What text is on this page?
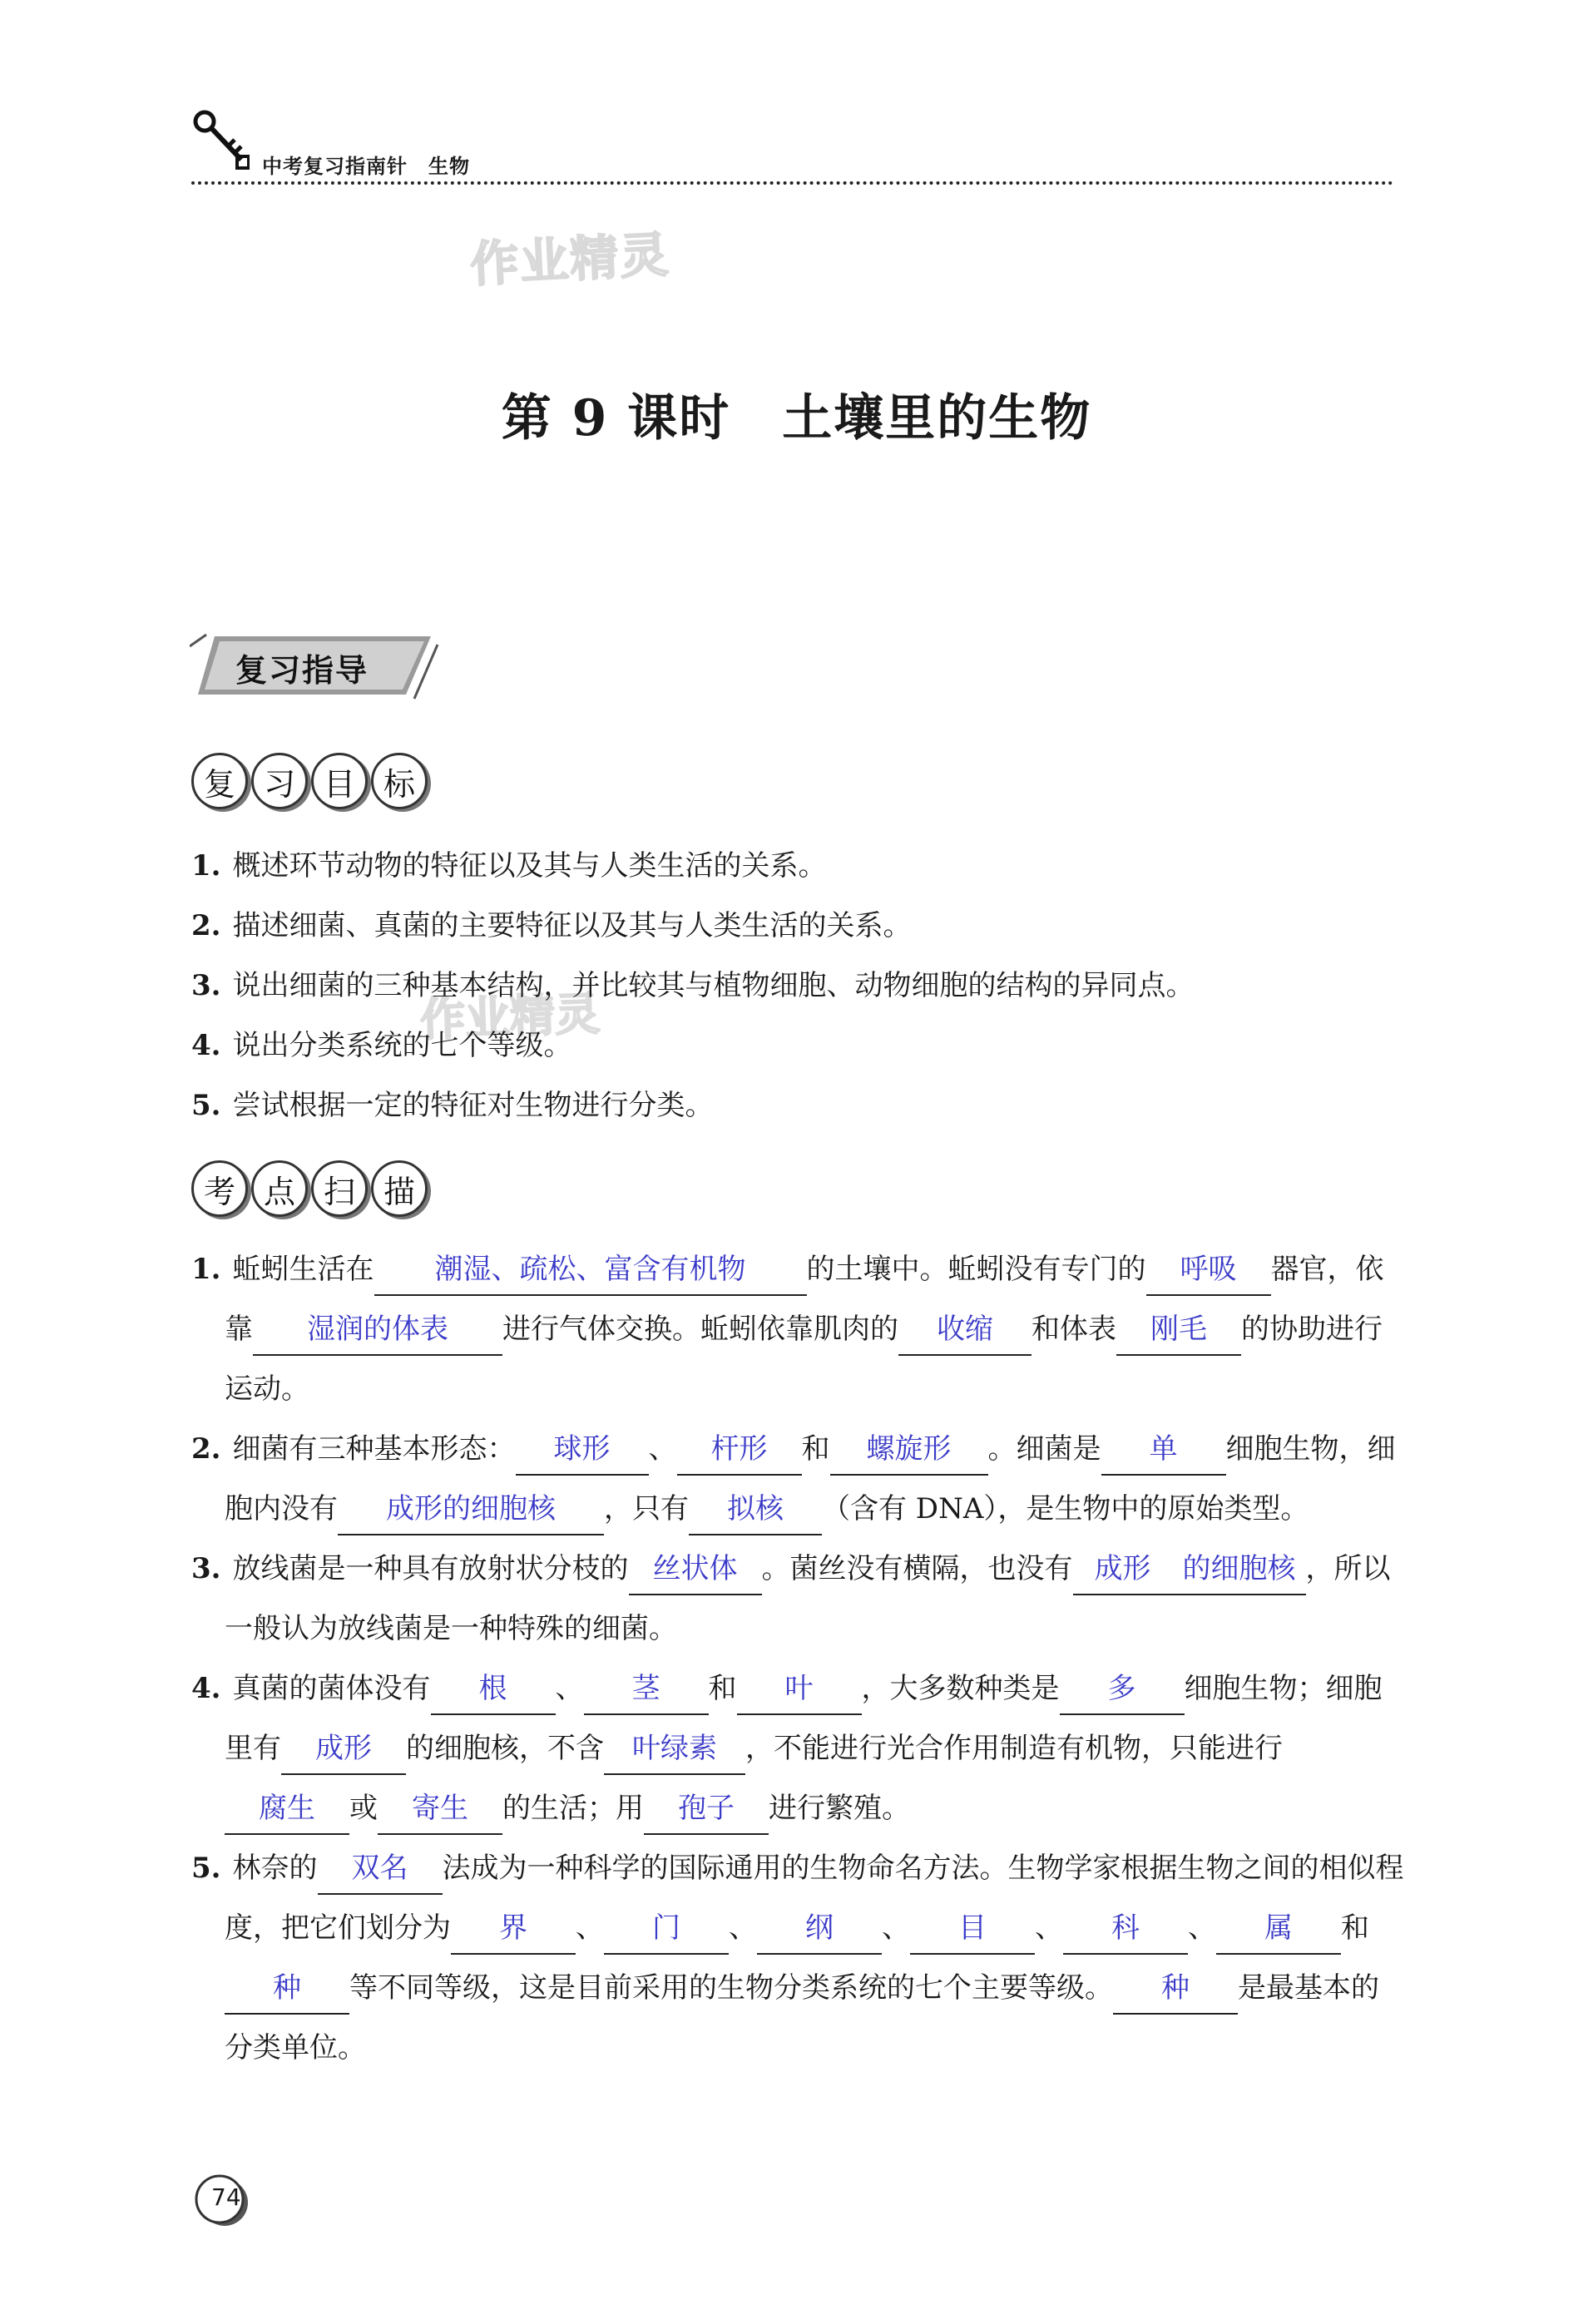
中考复习指南针　生物
作业精灵
作业精灵
第 9 课时　土壤里的生物
复习指导
复 习 目 标
1. 概述环节动物的特征以及其与人类生活的关系。
2. 描述细菌、真菌的主要特征以及其与人类生活的关系。
3. 说出细菌的三种基本结构，并比较其与植物细胞、动物细胞的结构的异同点。
4. 说出分类系统的七个等级。
5. 尝试根据一定的特征对生物进行分类。
考 点 扫 描

1. 蚯蚓生活在 潮湿、疏松、富含有机物 的土壤中。蚯蚓没有专门的 呼吸 器官，依靠 湿润的体表 进行气体交换。蚯蚓依靠肌肉的 收缩 和体表 刚毛 的协助进行运动。

2. 细菌有三种基本形态： 球形 、 杆形 和 螺旋形 。细菌是 单 细胞生物，细胞内没有 成形的细胞核 ，只有 拟核 （含有 DNA），是生物中的原始类型。

3. 放线菌是一种具有放射状分枝的 丝状体 。菌丝没有横隔，也没有 成形 的细胞核 ，所以一般认为放线菌是一种特殊的细菌。

4. 真菌的菌体没有 根 、 茎 和 叶 ，大多数种类是 多 细胞生物；细胞里有 成形 的细胞核，不含 叶绿素 ，不能进行光合作用制造有机物，只能进行腐生 或 寄生 的生活；用 孢子 进行繁殖。

5. 林奈的 双名 法成为一种科学的国际通用的生物命名方法。生物学家根据生物之间的相似程度，把它们划分为 界 、 门 、 纲 、 目 、 科 、 属 和种 等不同等级，这是目前采用的生物分类系统的七个主要等级。 种 是最基本的分类单位。

74
